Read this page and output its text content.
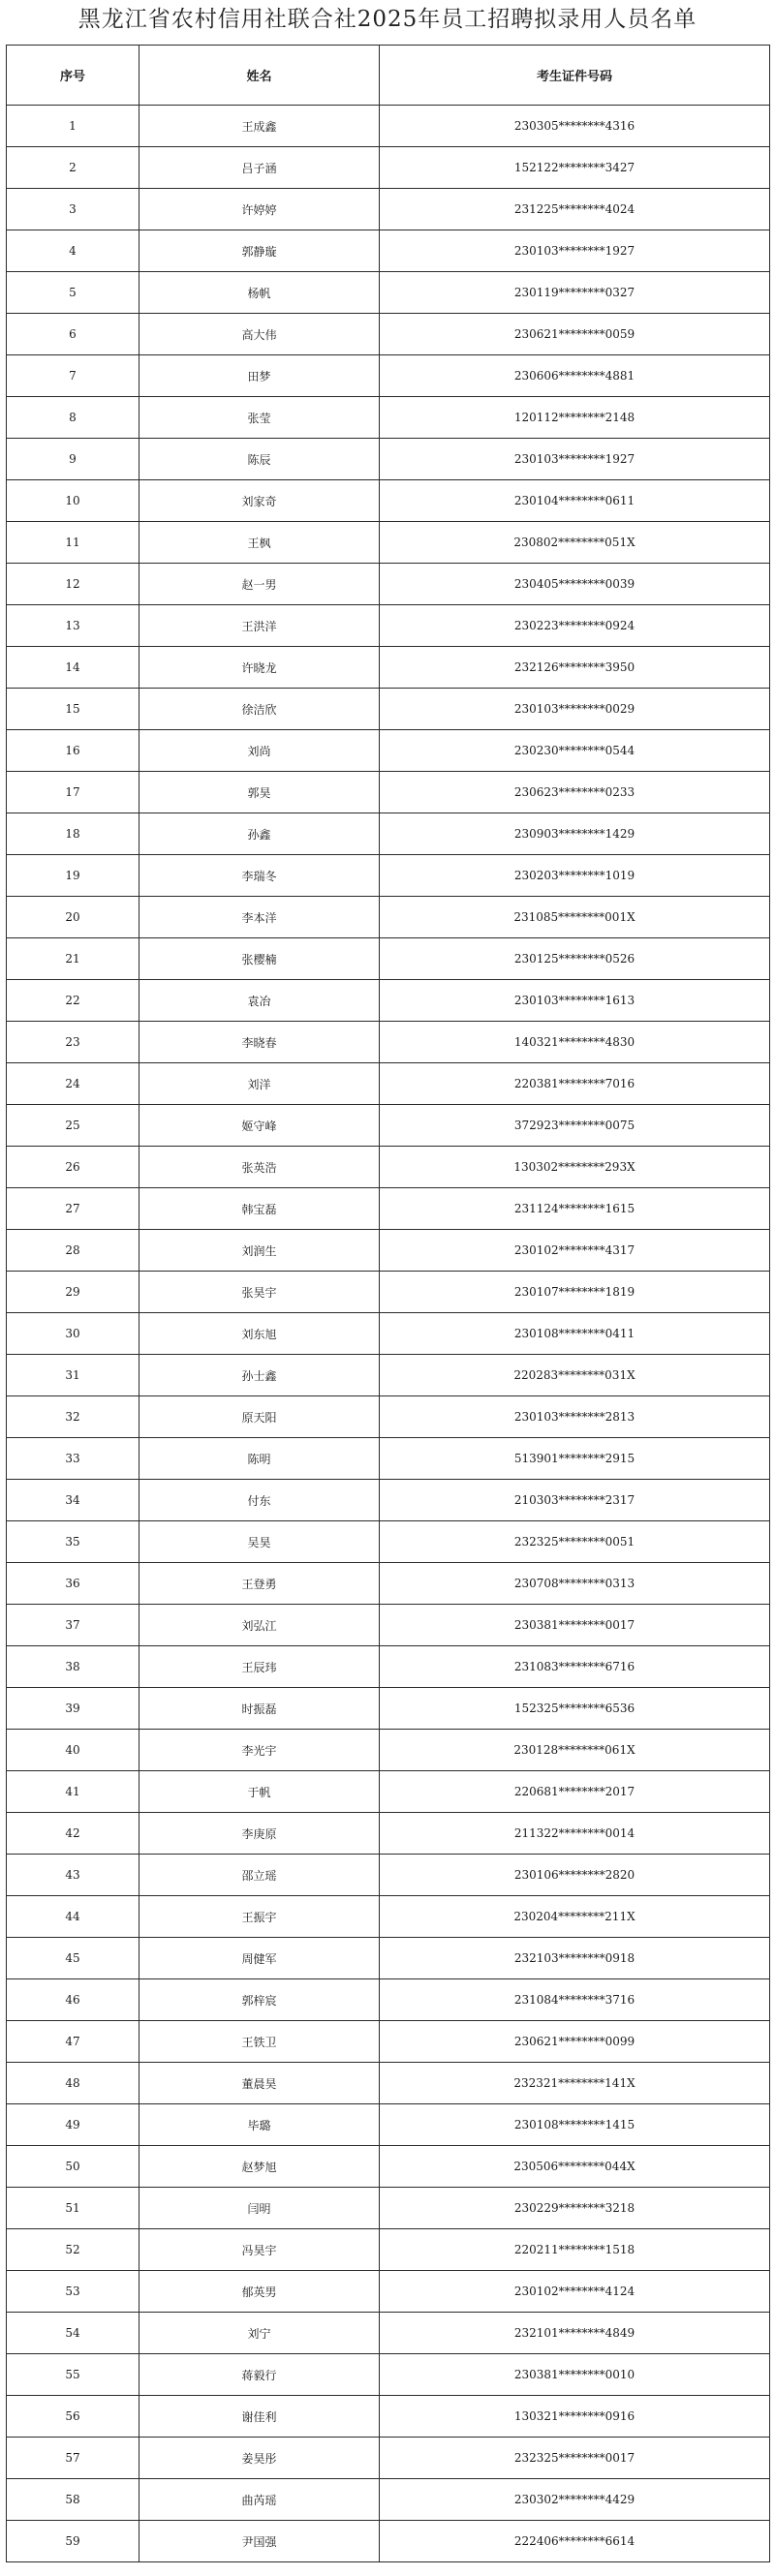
黑龙江省农村信用社联合社2025年员工招聘拟录用人员名单
序号	姓名	考生证件号码
1	王成鑫	230305********4316
2	吕子涵	152122********3427
3	许婷婷	231225********4024
4	郭静璇	230103********1927
5	杨帆	230119********0327
6	高大伟	230621********0059
7	田梦	230606********4881
8	张莹	120112********2148
9	陈辰	230103********1927
10	刘家奇	230104********0611
11	王枫	230802********051X
12	赵一男	230405********0039
13	王洪洋	230223********0924
14	许晓龙	232126********3950
15	徐洁欣	230103********0029
16	刘尚	230230********0544
17	郭昊	230623********0233
18	孙鑫	230903********1429
19	李瑞冬	230203********1019
20	李本洋	231085********001X
21	张樱楠	230125********0526
22	袁冶	230103********1613
23	李晓春	140321********4830
24	刘洋	220381********7016
25	姬守峰	372923********0075
26	张英浩	130302********293X
27	韩宝磊	231124********1615
28	刘润生	230102********4317
29	张昊宇	230107********1819
30	刘东旭	230108********0411
31	孙士鑫	220283********031X
32	原天阳	230103********2813
33	陈明	513901********2915
34	付东	210303********2317
35	吴昊	232325********0051
36	王登勇	230708********0313
37	刘弘江	230381********0017
38	王辰玮	231083********6716
39	时振磊	152325********6536
40	李光宇	230128********061X
41	于帆	220681********2017
42	李庚原	211322********0014
43	邵立瑶	230106********2820
44	王振宇	230204********211X
45	周健军	232103********0918
46	郭梓宸	231084********3716
47	王铁卫	230621********0099
48	董晨昊	232321********141X
49	毕璐	230108********1415
50	赵梦旭	230506********044X
51	闫明	230229********3218
52	冯昊宇	220211********1518
53	郁英男	230102********4124
54	刘宁	232101********4849
55	蒋毅行	230381********0010
56	谢佳利	130321********0916
57	姜昊彤	232325********0017
58	曲芮瑶	230302********4429
59	尹国强	222406********6614
